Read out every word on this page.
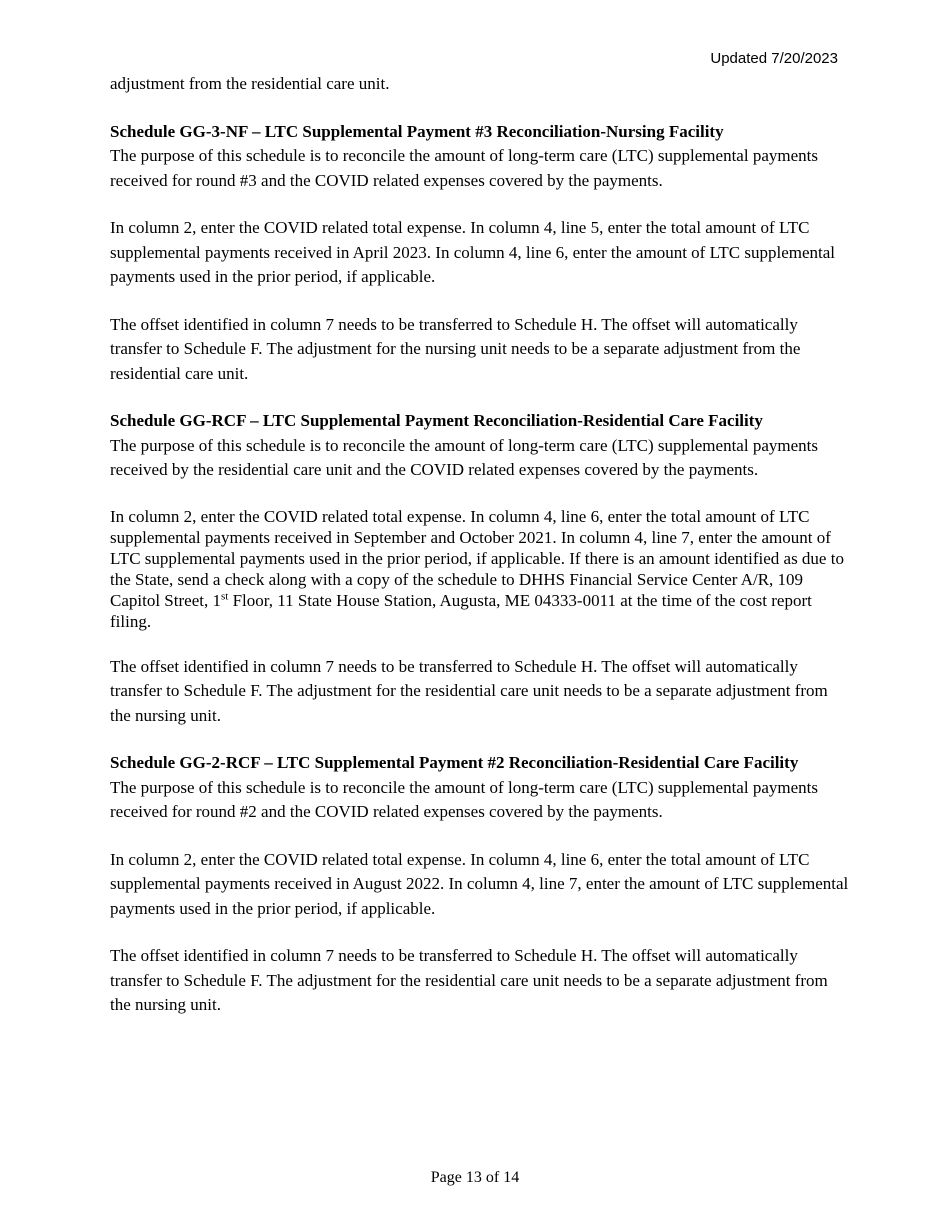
Updated 7/20/2023

adjustment from the residential care unit.

Schedule GG-3-NF – LTC Supplemental Payment #3 Reconciliation-Nursing Facility

The purpose of this schedule is to reconcile the amount of long-term care (LTC) supplemental payments received for round #3 and the COVID related expenses covered by the payments.

In column 2, enter the COVID related total expense. In column 4, line 5, enter the total amount of LTC supplemental payments received in April 2023. In column 4, line 6, enter the amount of LTC supplemental payments used in the prior period, if applicable.

The offset identified in column 7 needs to be transferred to Schedule H. The offset will automatically transfer to Schedule F. The adjustment for the nursing unit needs to be a separate adjustment from the residential care unit.

Schedule GG-RCF – LTC Supplemental Payment Reconciliation-Residential Care Facility

The purpose of this schedule is to reconcile the amount of long-term care (LTC) supplemental payments received by the residential care unit and the COVID related expenses covered by the payments.

In column 2, enter the COVID related total expense. In column 4, line 6, enter the total amount of LTC supplemental payments received in September and October 2021. In column 4, line 7, enter the amount of LTC supplemental payments used in the prior period, if applicable. If there is an amount identified as due to the State, send a check along with a copy of the schedule to DHHS Financial Service Center A/R, 109 Capitol Street, 1st Floor, 11 State House Station, Augusta, ME 04333-0011 at the time of the cost report filing.

The offset identified in column 7 needs to be transferred to Schedule H. The offset will automatically transfer to Schedule F. The adjustment for the residential care unit needs to be a separate adjustment from the nursing unit.

Schedule GG-2-RCF – LTC Supplemental Payment #2 Reconciliation-Residential Care Facility

The purpose of this schedule is to reconcile the amount of long-term care (LTC) supplemental payments received for round #2 and the COVID related expenses covered by the payments.

In column 2, enter the COVID related total expense. In column 4, line 6, enter the total amount of LTC supplemental payments received in August 2022. In column 4, line 7, enter the amount of LTC supplemental payments used in the prior period, if applicable.

The offset identified in column 7 needs to be transferred to Schedule H. The offset will automatically transfer to Schedule F. The adjustment for the residential care unit needs to be a separate adjustment from the nursing unit.

Page 13 of 14
